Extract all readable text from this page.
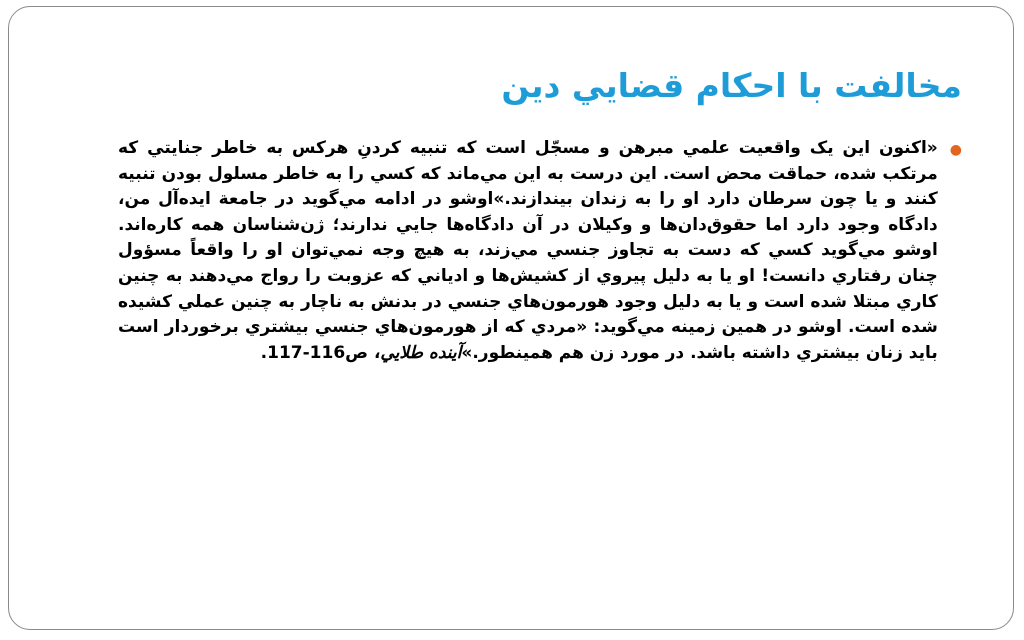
مخالفت با احکام قضايي دين
●
«اکنون اين يک واقعيت علمي مبرهن و مسجّل است که تنبيه کردنِ هرکس به خاطر جنايتي که مرتکب شده، حماقت محض است. اين درست به اين مي‌ماند که کسي را به خاطر مسلول بودن تنبيه کنند و يا چون سرطان دارد او را به زندان بيندازند.»اوشو در ادامه مي‌گويد در جامعة ايده‌آل من، دادگاه وجود دارد اما حقوق‌دان‌ها و وکيلان در آن دادگاه‌ها جايي ندارند؛ ژن‌شناسان همه کاره‌اند. اوشو مي‌گويد کسي که دست به تجاوز جنسي مي‌زند، به هيچ وجه نمي‌توان او را واقعاً مسؤول چنان رفتاري دانست! او يا به دليل پيروي از کشيش‌ها و ادياني که عزوبت را رواج مي‌دهند به چنين کاري مبتلا شده است و يا به دليل وجود هورمون‌هاي جنسي در بدنش به ناچار به چنين عملي کشيده شده است. اوشو در همين زمينه مي‌گويد: «مردي که از هورمون‌هاي جنسي بيشتري برخوردار است بايد زنان بيشتري داشته باشد. در مورد زن هم همينطور.»آينده طلايي، ص116-117.
